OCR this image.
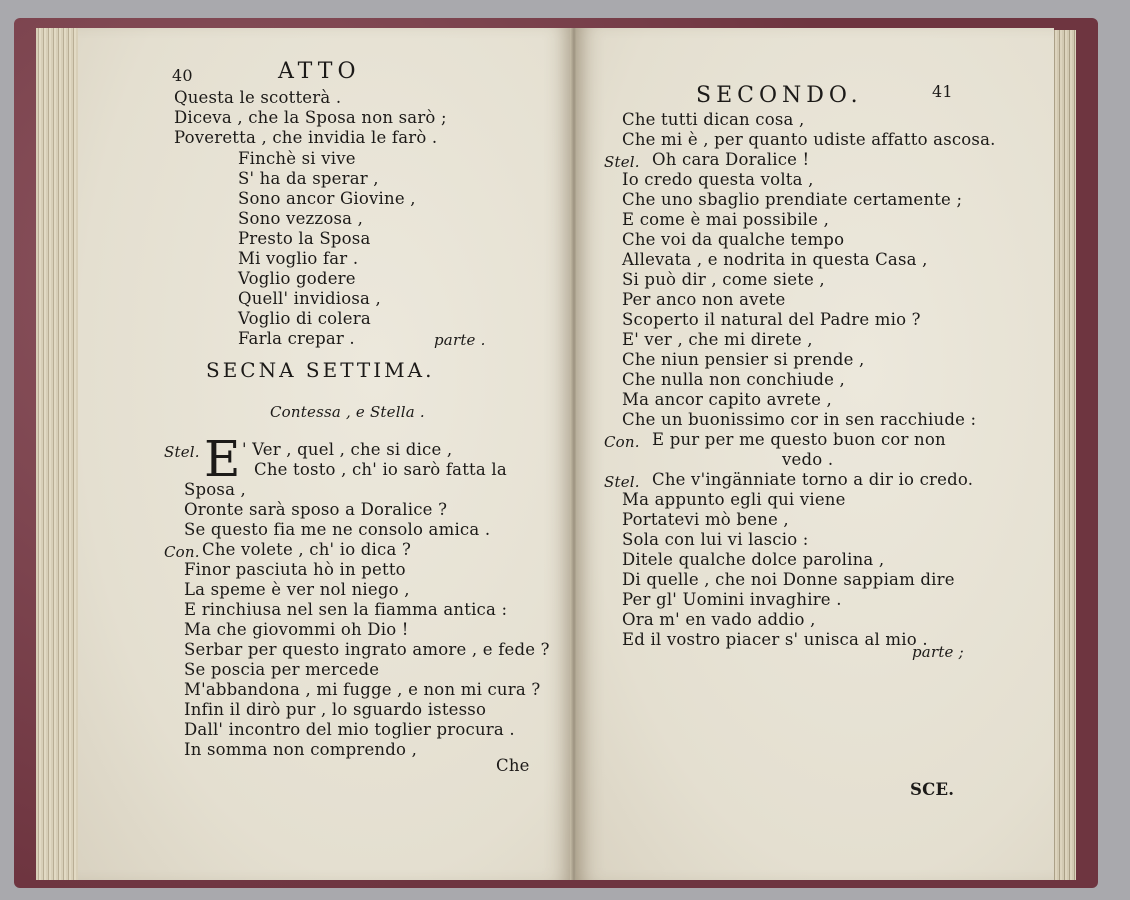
40	ATTO
Questa le scotterà .
Diceva , che la Sposa non sarò ;
Poveretta , che invidia le farò .
Finchè si vive
S' ha da sperar ,
Sono ancor Giovine ,
Sono vezzosa ,
Presto la Sposa
Mi voglio far .
Voglio godere
Quell' invidiosa ,
Voglio di colera
Farla crepar .	parte .
SECNA SETTIMA.
Contessa , e Stella .
Stel. E ' Ver , quel , che si dice ,
Che tosto , ch' io sarò fatta la
Sposa ,
Oronte sarà sposo a Doralice ?
Se questo fia me ne consolo amica .
Con. Che volete , ch' io dica ?
Finor pasciuta hò in petto
La speme è ver nol niego ,
E rinchiusa nel sen la fiamma antica :
Ma che giovommi oh Dio !
Serbar per questo ingrato amore , e fede ?
Se poscia per mercede
M'abbandona , mi fugge , e non mi cura ?
Infin il dirò pur , lo sguardo istesso
Dall' incontro del mio toglier procura .
In somma non comprendo ,
Che
SECONDO.	41
Che tutti dican cosa ,
Che mi è , per quanto udiste affatto ascosa.
Stel. Oh cara Doralice !
Io credo questa volta ,
Che uno sbaglio prendiate certamente ;
E come è mai possibile ,
Che voi da qualche tempo
Allevata , e nodrita in questa Casa ,
Si può dir , come siete ,
Per anco non avete
Scoperto il natural del Padre mio ?
E' ver , che mi direte ,
Che niun pensier si prende ,
Che nulla non conchiude ,
Ma ancor capito avrete ,
Che un buonissimo cor in sen racchiude :
Con. E pur per me questo buon cor non
vedo .
Stel. Che v'ingänniate torno a dir io credo.
Ma appunto egli qui viene
Portatevi mò bene ,
Sola con lui vi lascio :
Ditele qualche dolce parolina ,
Di quelle , che noi Donne sappiam dire
Per gl' Uomini invaghire .
Ora m' en vado addio ,
Ed il vostro piacer s' unisca al mio .
parte ;
SCE.
